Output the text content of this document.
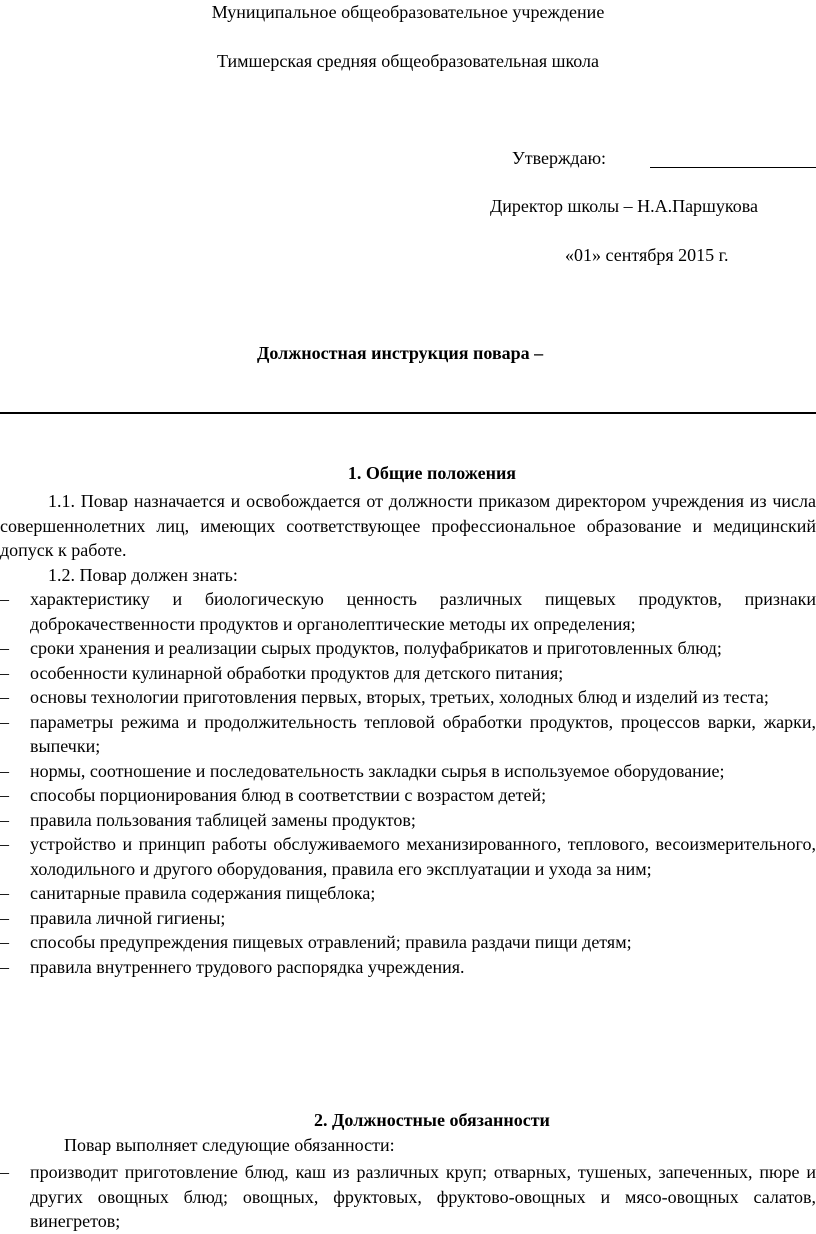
Муниципальное общеобразовательное учреждение
Тимшерская средняя общеобразовательная школа
Утверждаю:
Директор школы – Н.А.Паршукова
«01» сентября 2015 г.
Должностная инструкция повара –
1. Общие положения
1.1. Повар назначается и освобождается от должности приказом директором учреждения из числа совершеннолетних лиц, имеющих соответствующее профессиональное образование и медицинский допуск к работе.
1.2. Повар должен знать:
– характеристику и биологическую ценность различных пищевых продуктов, признаки доброкачественности продуктов и органолептические методы их определения;
– сроки хранения и реализации сырых продуктов, полуфабрикатов и приготовленных блюд;
– особенности кулинарной обработки продуктов для детского питания;
– основы технологии приготовления первых, вторых, третьих, холодных блюд и изделий из теста;
– параметры режима и продолжительность тепловой обработки продуктов, процессов варки, жарки, выпечки;
– нормы, соотношение и последовательность закладки сырья в используемое оборудование;
– способы порционирования блюд в соответствии с возрастом детей;
– правила пользования таблицей замены продуктов;
– устройство и принцип работы обслуживаемого механизированного, теплового, весоизмерительного, холодильного и другого оборудования, правила его эксплуатации и ухода за ним;
– санитарные правила содержания пищеблока;
– правила личной гигиены;
– способы предупреждения пищевых отравлений; правила раздачи пищи детям;
– правила внутреннего трудового распорядка учреждения.
2. Должностные обязанности
Повар выполняет следующие обязанности:
– производит приготовление блюд, каш из различных круп; отварных, тушеных, запеченных, пюре и других овощных блюд; овощных, фруктовых, фруктово-овощных и мясо-овощных салатов, винегретов;
